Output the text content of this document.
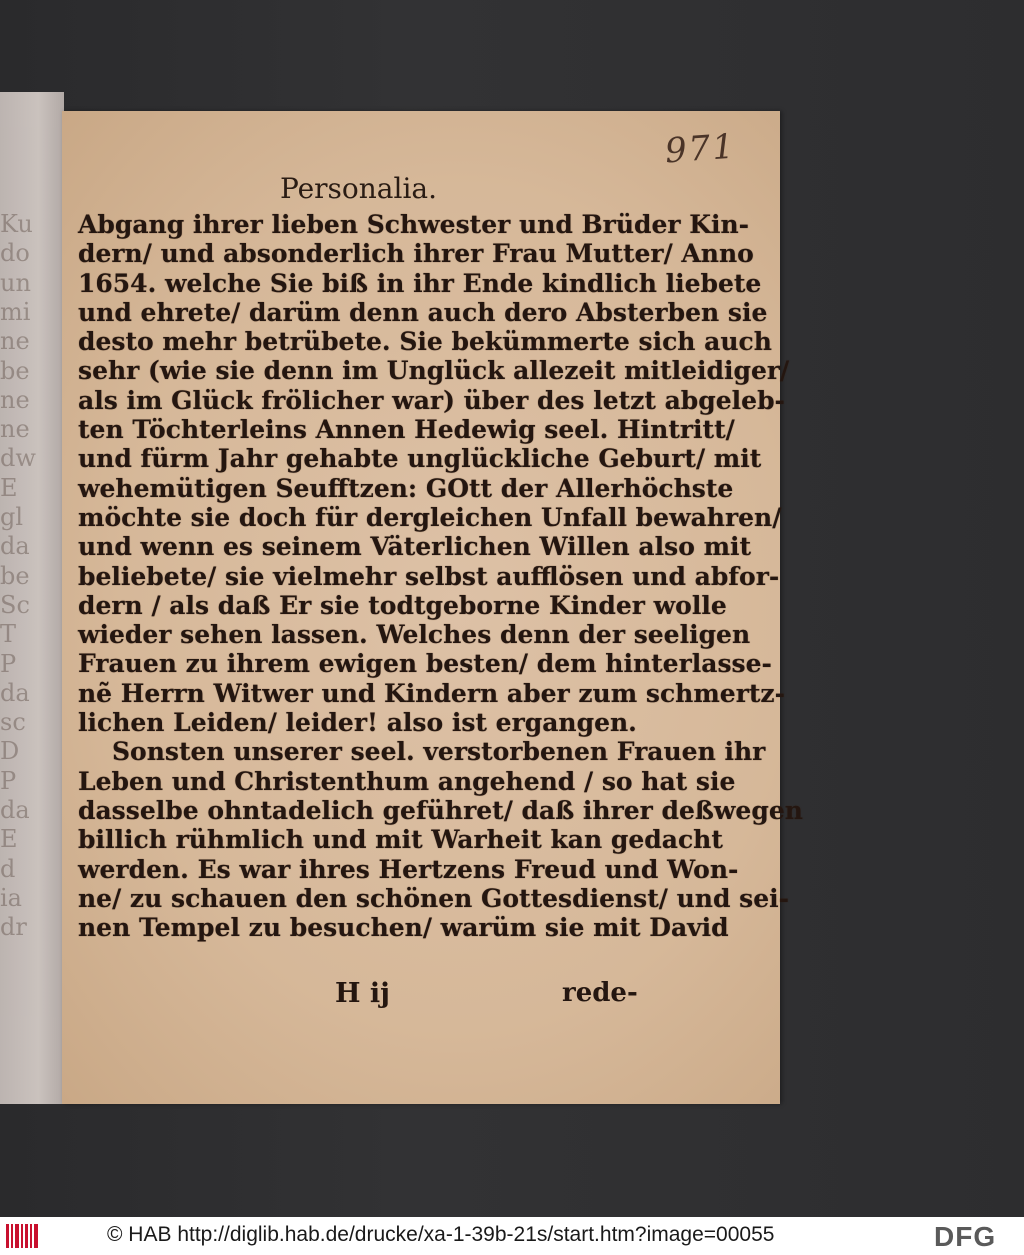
Ku
do
un
mi
ne
be
ne
ne
dw
E
gl
da
be
Sc
T
P
da
sc
D
P
da
E
d
ia
dr
971
Personalia.
Abgang ihrer lieben Schwester und Brüder Kin-
dern/ und absonderlich ihrer Frau Mutter/ Anno
1654. welche Sie biß in ihr Ende kindlich liebete
und ehrete/ darüm denn auch dero Absterben sie
desto mehr betrübete. Sie bekümmerte sich auch
sehr (wie sie denn im Unglück allezeit mitleidiger/
als im Glück frölicher war) über des letzt abgeleb-
ten Töchterleins Annen Hedewig seel. Hintritt/
und fürm Jahr gehabte unglückliche Geburt/ mit
wehemütigen Seufftzen: GOtt der Allerhöchste
möchte sie doch für dergleichen Unfall bewahren/
und wenn es seinem Väterlichen Willen also mit
beliebete/ sie vielmehr selbst aufflösen und abfor-
dern / als daß Er sie todtgeborne Kinder wolle
wieder sehen lassen. Welches denn der seeligen
Frauen zu ihrem ewigen besten/ dem hinterlasse-
nẽ Herrn Witwer und Kindern aber zum schmertz-
lichen Leiden/ leider! also ist ergangen.
Sonsten unserer seel. verstorbenen Frauen ihr
Leben und Christenthum angehend / so hat sie
dasselbe ohntadelich geführet/ daß ihrer deßwegen
billich rühmlich und mit Warheit kan gedacht
werden. Es war ihres Hertzens Freud und Won-
ne/ zu schauen den schönen Gottesdienst/ und sei-
nen Tempel zu besuchen/ warüm sie mit David
H ij	rede-
© HAB http://diglib.hab.de/drucke/xa-1-39b-21s/start.htm?image=00055	DFG
